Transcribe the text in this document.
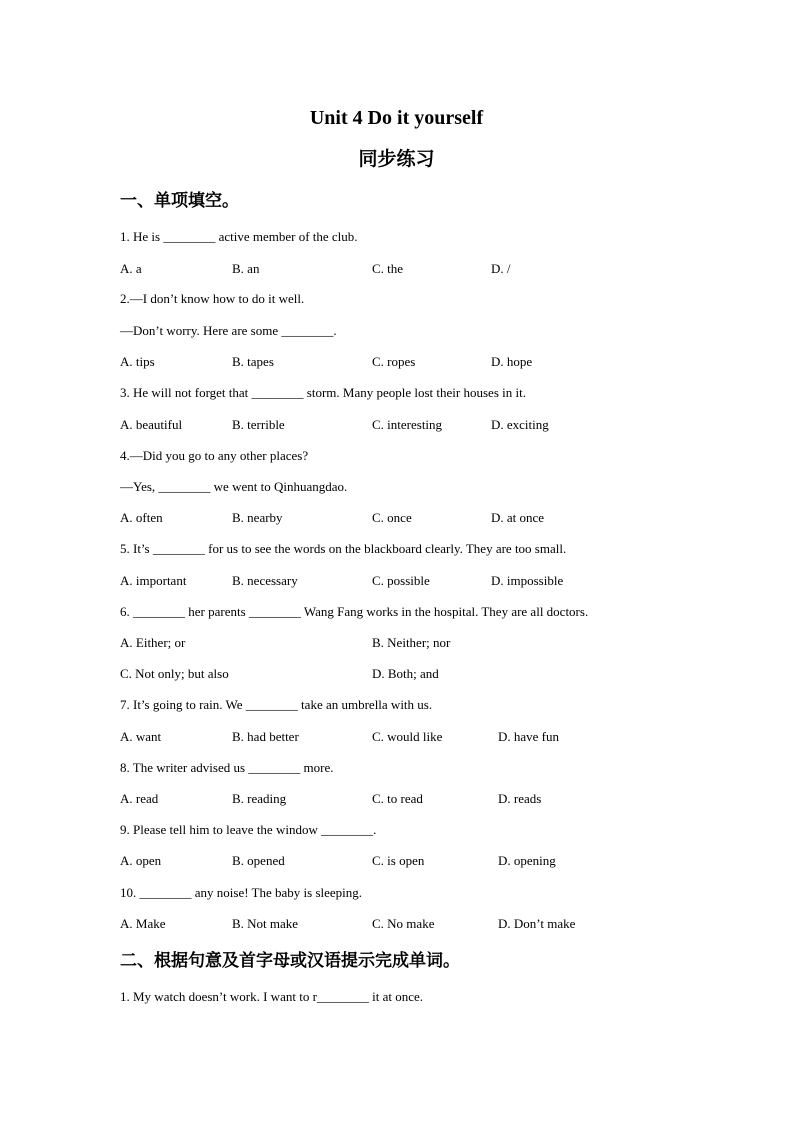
Unit 4 Do it yourself
同步练习
一、单项填空。
1. He is ________ active member of the club.
A. a	B. an	C. the	D. /
2.—I don’t know how to do it well.
—Don’t worry. Here are some ________.
A. tips	B. tapes	C. ropes	D. hope
3. He will not forget that ________ storm. Many people lost their houses in it.
A. beautiful	B. terrible	C. interesting	D. exciting
4.—Did you go to any other places?
—Yes, ________ we went to Qinhuangdao.
A. often	B. nearby	C. once	D. at once
5. It’s ________ for us to see the words on the blackboard clearly. They are too small.
A. important	B. necessary	C. possible	D. impossible
6. ________ her parents ________ Wang Fang works in the hospital. They are all doctors.
A. Either; or	B. Neither; nor
C. Not only; but also	D. Both; and
7. It’s going to rain. We ________ take an umbrella with us.
A. want	B. had better	C. would like	D. have fun
8. The writer advised us ________ more.
A. read	B. reading	C. to read	D. reads
9. Please tell him to leave the window ________.
A. open	B. opened	C. is open	D. opening
10. ________ any noise! The baby is sleeping.
A. Make	B. Not make	C. No make	D. Don’t make
二、根据句意及首字母或汉语提示完成单词。
1. My watch doesn’t work. I want to r________ it at once.
